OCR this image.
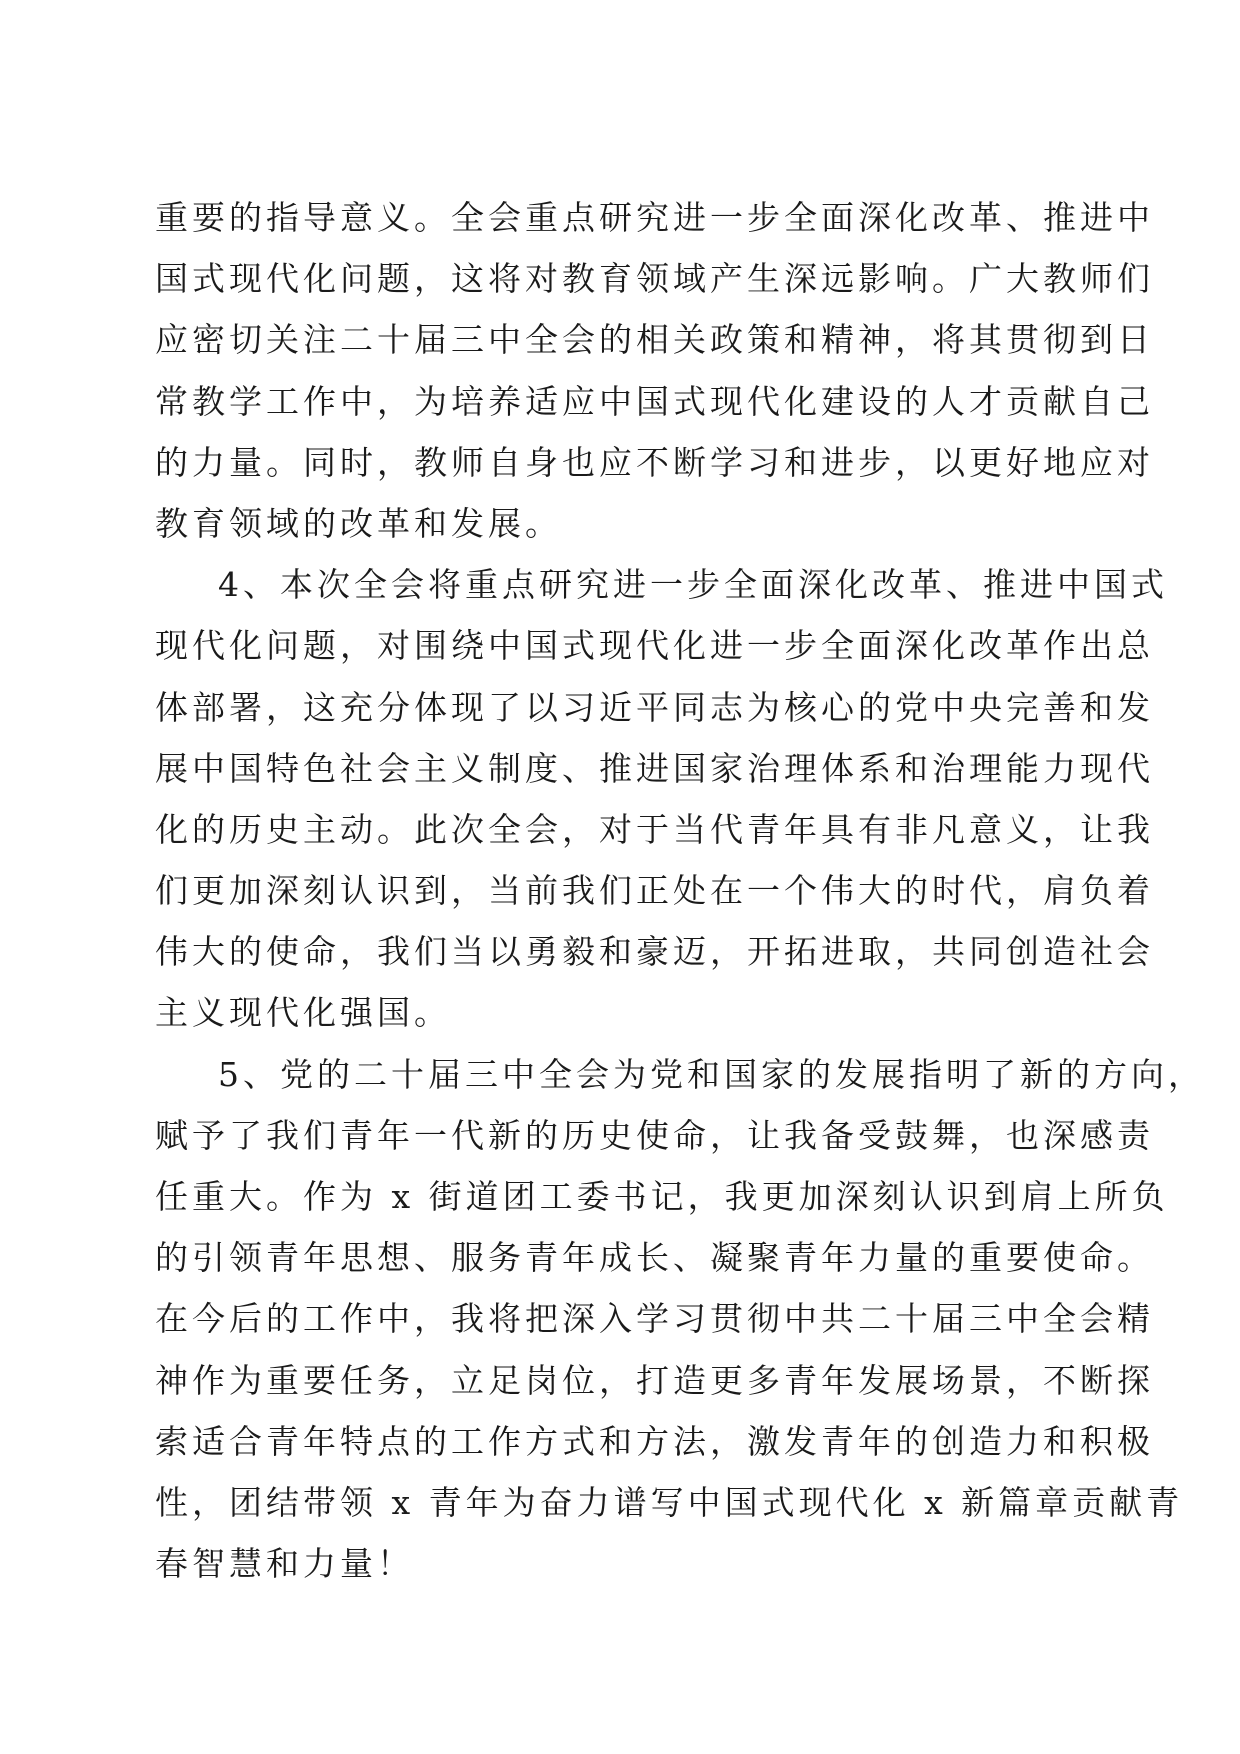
重要的指导意义。全会重点研究进一步全面深化改革、推进中
国式现代化问题，这将对教育领域产生深远影响。广大教师们
应密切关注二十届三中全会的相关政策和精神，将其贯彻到日
常教学工作中，为培养适应中国式现代化建设的人才贡献自己
的力量。同时，教师自身也应不断学习和进步，以更好地应对
教育领域的改革和发展。
4、本次全会将重点研究进一步全面深化改革、推进中国式
现代化问题，对围绕中国式现代化进一步全面深化改革作出总
体部署，这充分体现了以习近平同志为核心的党中央完善和发
展中国特色社会主义制度、推进国家治理体系和治理能力现代
化的历史主动。此次全会，对于当代青年具有非凡意义，让我
们更加深刻认识到，当前我们正处在一个伟大的时代，肩负着
伟大的使命，我们当以勇毅和豪迈，开拓进取，共同创造社会
主义现代化强国。
5、党的二十届三中全会为党和国家的发展指明了新的方向，
赋予了我们青年一代新的历史使命，让我备受鼓舞，也深感责
任重大。作为 x 街道团工委书记，我更加深刻认识到肩上所负
的引领青年思想、服务青年成长、凝聚青年力量的重要使命。
在今后的工作中，我将把深入学习贯彻中共二十届三中全会精
神作为重要任务，立足岗位，打造更多青年发展场景，不断探
索适合青年特点的工作方式和方法，激发青年的创造力和积极
性，团结带领 x 青年为奋力谱写中国式现代化 x 新篇章贡献青
春智慧和力量！
